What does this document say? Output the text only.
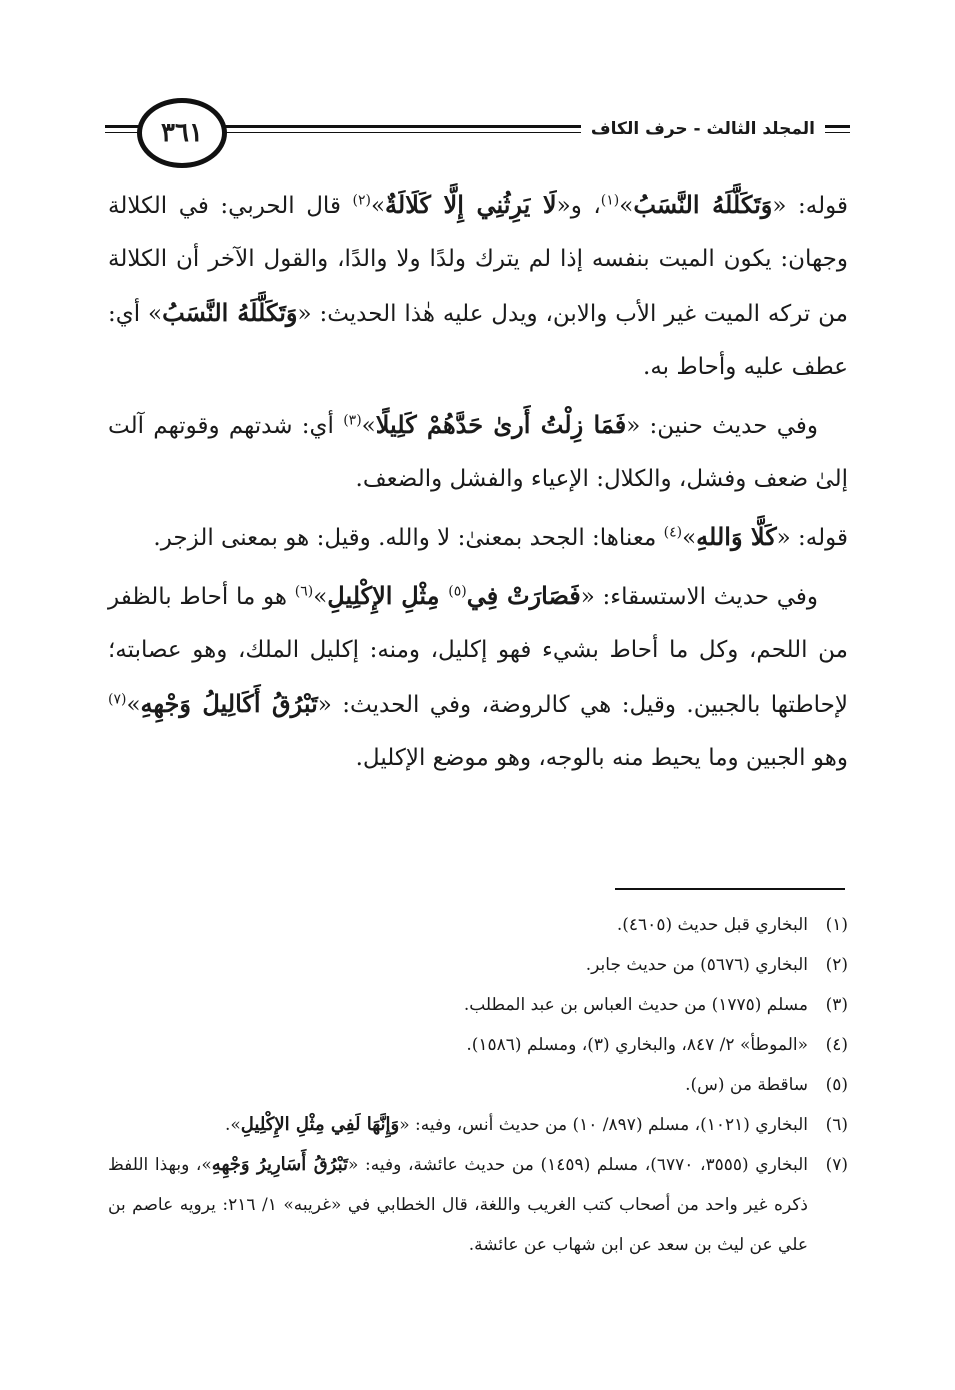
المجلد الثالث - حرف الكاف
٣٦١

قوله: «وَتَكَلَّلَهُ النَّسَبُ»$^{(١)}$، و«لَا يَرِثُنِي إِلَّا كَلَالَةٌ»$^{(٢)}$ قال الحربي: في الكلالة وجهان: يكون الميت بنفسه إذا لم يترك ولدًا ولا والدًا، والقول الآخر أن الكلالة من تركه الميت غير الأب والابن، ويدل عليه هٰذا الحديث: «وَتَكَلَّلَهُ النَّسَبُ» أي: عطف عليه وأحاط به.

وفي حديث حنين: «فَمَا زِلْتُ أَرىٰ حَدَّهُمْ كَلِيلًا»$^{(٣)}$ أي: شدتهم وقوتهم آلت إلىٰ ضعف وفشل، والكلال: الإعياء والفشل والضعف.

قوله: «كَلَّا وَاللهِ»$^{(٤)}$ معناها: الجحد بمعنىٰ: لا والله. وقيل: هو بمعنى الزجر.

وفي حديث الاستسقاء: «فَصَارَتْ فِي$^{(٥)}$ مِثْلِ الإِكْلِيلِ»$^{(٦)}$ هو ما أحاط بالظفر من اللحم، وكل ما أحاط بشيء فهو إكليل، ومنه: إكليل الملك، وهو عصابته؛ لإحاطتها بالجبين. وقيل: هي كالروضة، وفي الحديث: «تَبْرُقُ أَكَالِيلُ وَجْهِهِ»$^{(٧)}$ وهو الجبين وما يحيط منه بالوجه، وهو موضع الإكليل.

(١)
البخاري قبل حديث (٤٦٠٥).
(٢)
البخاري (٥٦٧٦) من حديث جابر.
(٣)
مسلم (١٧٧٥) من حديث العباس بن عبد المطلب.
(٤)
«الموطأ» ٢/ ٨٤٧، والبخاري (٣)، ومسلم (١٥٨٦).
(٥)
ساقطة من (س).
(٦)
البخاري (١٠٢١)، مسلم (٨٩٧/ ١٠) من حديث أنس، وفيه: «وَإِنَّهَا لَفِي مِثْلِ الإِكْلِيلِ».
(٧)
البخاري (٣٥٥٥، ٦٧٧٠)، مسلم (١٤٥٩) من حديث عائشة، وفيه: «تَبْرُقُ أَسَارِيرُ وَجْهِهِ»، وبهذا اللفظ ذكره غير واحد من أصحاب كتب الغريب واللغة، قال الخطابي في «غريبه» ١/ ٢١٦: يرويه عاصم بن علي عن ليث بن سعد عن ابن شهاب عن عائشة.
